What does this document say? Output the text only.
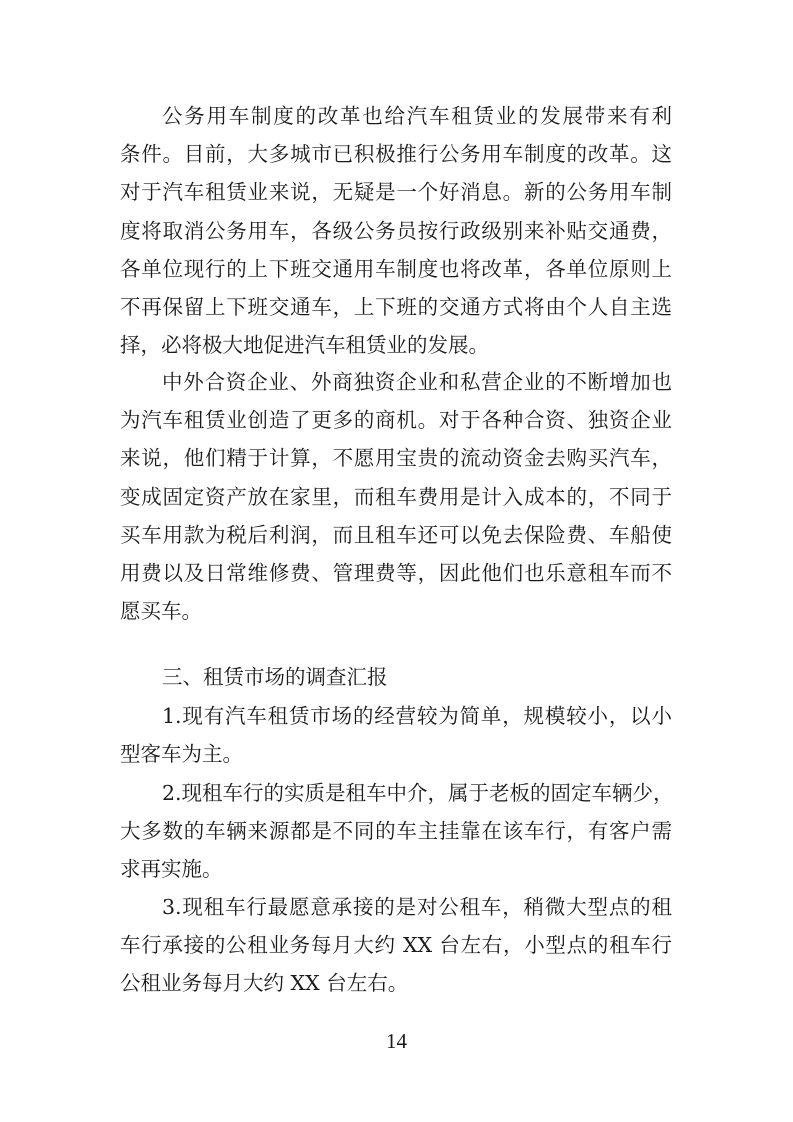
公务用车制度的改革也给汽车租赁业的发展带来有利
条件。目前，大多城市已积极推行公务用车制度的改革。这
对于汽车租赁业来说，无疑是一个好消息。新的公务用车制
度将取消公务用车，各级公务员按行政级别来补贴交通费，
各单位现行的上下班交通用车制度也将改革，各单位原则上
不再保留上下班交通车，上下班的交通方式将由个人自主选
择，必将极大地促进汽车租赁业的发展。
中外合资企业、外商独资企业和私营企业的不断增加也
为汽车租赁业创造了更多的商机。对于各种合资、独资企业
来说，他们精于计算，不愿用宝贵的流动资金去购买汽车，
变成固定资产放在家里，而租车费用是计入成本的，不同于
买车用款为税后利润，而且租车还可以免去保险费、车船使
用费以及日常维修费、管理费等，因此他们也乐意租车而不
愿买车。
三、租赁市场的调查汇报
1.现有汽车租赁市场的经营较为简单，规模较小，以小
型客车为主。
2.现租车行的实质是租车中介，属于老板的固定车辆少，
大多数的车辆来源都是不同的车主挂靠在该车行，有客户需
求再实施。
3.现租车行最愿意承接的是对公租车，稍微大型点的租
车行承接的公租业务每月大约 XX 台左右，小型点的租车行
公租业务每月大约 XX 台左右。
14
